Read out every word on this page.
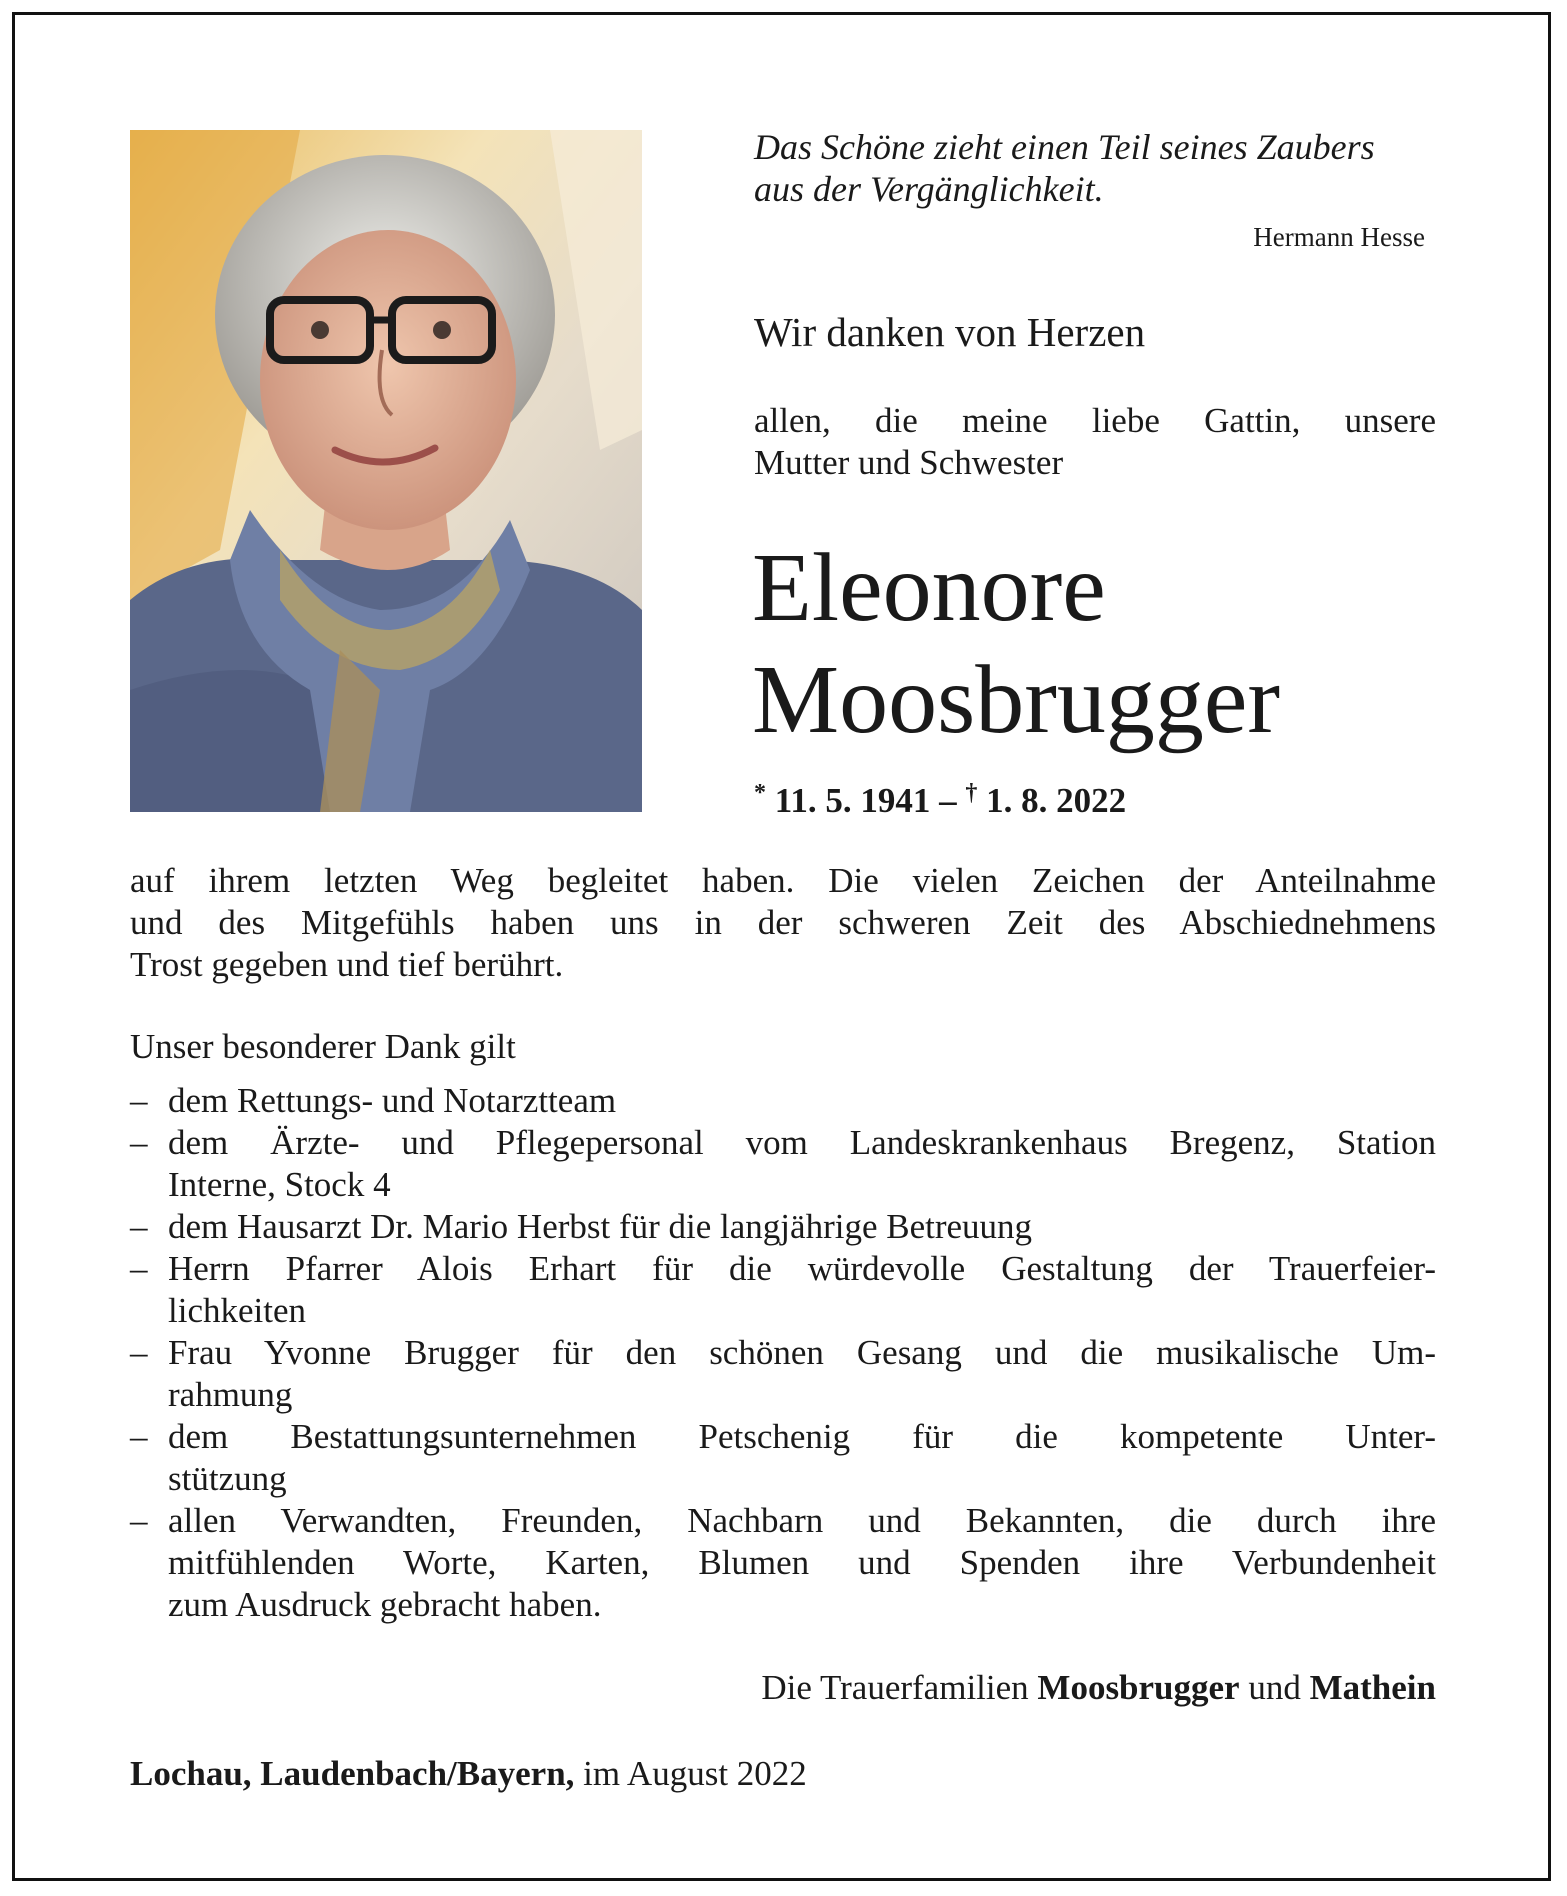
Das Schöne zieht einen Teil seines Zaubers
aus der Vergänglichkeit.
Hermann Hesse
Wir danken von Herzen
allen, die meine liebe Gattin, unsere
Mutter und Schwester
Eleonore
Moosbrugger
* 11. 5. 1941 – † 1. 8. 2022
auf ihrem letzten Weg begleitet haben. Die vielen Zeichen der Anteilnahme
und des Mitgefühls haben uns in der schweren Zeit des Abschiednehmens
Trost gegeben und tief berührt.
Unser besonderer Dank gilt
– dem Rettungs- und Notarztteam
– dem Ärzte- und Pflegepersonal vom Landeskrankenhaus Bregenz, Station
Interne, Stock 4
– dem Hausarzt Dr. Mario Herbst für die langjährige Betreuung
– Herrn Pfarrer Alois Erhart für die würdevolle Gestaltung der Trauerfeier-
lichkeiten
– Frau Yvonne Brugger für den schönen Gesang und die musikalische Um-
rahmung
– dem Bestattungsunternehmen Petschenig für die kompetente Unter-
stützung
– allen Verwandten, Freunden, Nachbarn und Bekannten, die durch ihre
mitfühlenden Worte, Karten, Blumen und Spenden ihre Verbundenheit
zum Ausdruck gebracht haben.
Die Trauerfamilien Moosbrugger und Mathein
Lochau, Laudenbach/Bayern, im August 2022
